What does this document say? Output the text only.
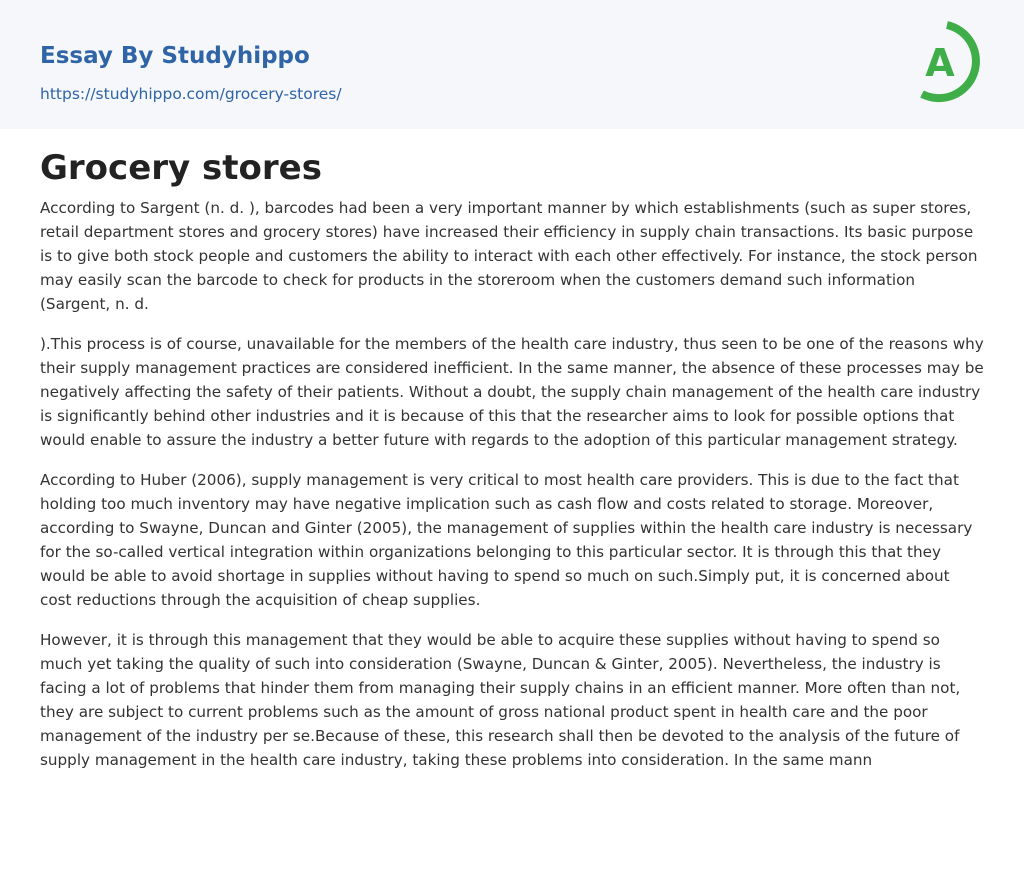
Essay By Studyhippo
https://studyhippo.com/grocery-stores/
A
Grocery stores

According to Sargent (n. d. ), barcodes had been a very important manner by which establishments (such as super stores, retail department stores and grocery stores) have increased their efficiency in supply chain transactions. Its basic purpose is to give both stock people and customers the ability to interact with each other effectively. For instance, the stock person may easily scan the barcode to check for products in the storeroom when the customers demand such information (Sargent, n. d.

).This process is of course, unavailable for the members of the health care industry, thus seen to be one of the reasons why their supply management practices are considered inefficient. In the same manner, the absence of these processes may be negatively affecting the safety of their patients. Without a doubt, the supply chain management of the health care industry is significantly behind other industries and it is because of this that the researcher aims to look for possible options that would enable to assure the industry a better future with regards to the adoption of this particular management strategy.

According to Huber (2006), supply management is very critical to most health care providers. This is due to the fact that holding too much inventory may have negative implication such as cash flow and costs related to storage. Moreover, according to Swayne, Duncan and Ginter (2005), the management of supplies within the health care industry is necessary for the so-called vertical integration within organizations belonging to this particular sector. It is through this that they would be able to avoid shortage in supplies without having to spend so much on such.Simply put, it is concerned about cost reductions through the acquisition of cheap supplies.

However, it is through this management that they would be able to acquire these supplies without having to spend so much yet taking the quality of such into consideration (Swayne, Duncan & Ginter, 2005). Nevertheless, the industry is facing a lot of problems that hinder them from managing their supply chains in an efficient manner. More often than not, they are subject to current problems such as the amount of gross national product spent in health care and the poor management of the industry per se.Because of these, this research shall then be devoted to the analysis of the future of supply management in the health care industry, taking these problems into consideration. In the same mann
